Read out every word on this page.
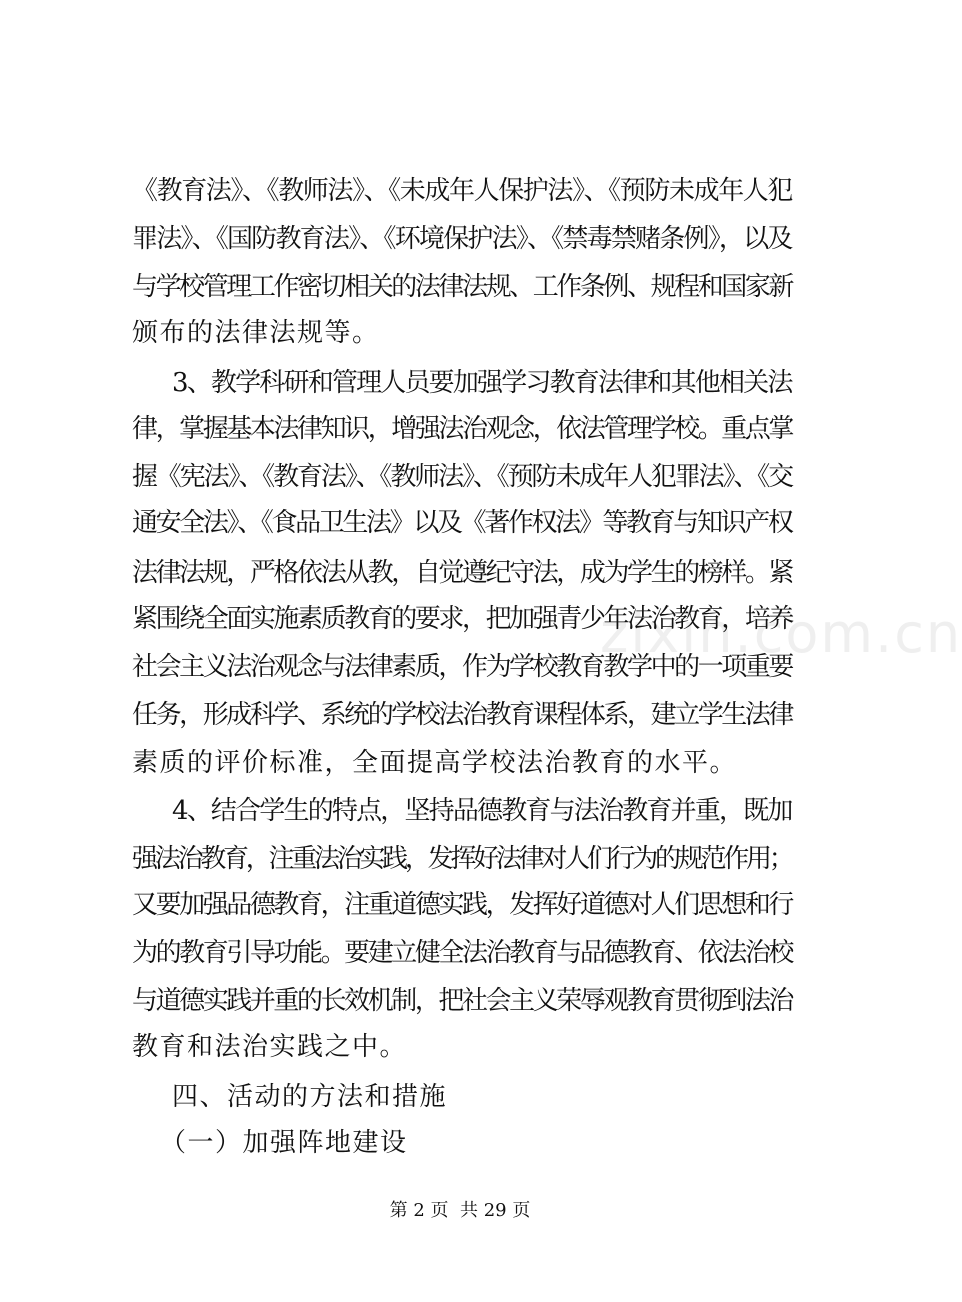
zixin.com.cn
《教育法》、《教师法》、《未成年人保护法》、《预防未成年人犯
罪法》、《国防教育法》、《环境保护法》、《禁毒禁赌条例》，以及
与学校管理工作密切相关的法律法规、工作条例、规程和国家新
颁布的法律法规等。
3、教学科研和管理人员要加强学习教育法律和其他相关法
律，掌握基本法律知识，增强法治观念，依法管理学校。重点掌
握《宪法》、《教育法》、《教师法》、《预防未成年人犯罪法》、《交
通安全法》、《食品卫生法》以及《著作权法》等教育与知识产权
法律法规，严格依法从教，自觉遵纪守法，成为学生的榜样。紧
紧围绕全面实施素质教育的要求，把加强青少年法治教育，培养
社会主义法治观念与法律素质，作为学校教育教学中的一项重要
任务，形成科学、系统的学校法治教育课程体系，建立学生法律
素质的评价标准，全面提高学校法治教育的水平。
4、结合学生的特点，坚持品德教育与法治教育并重，既加
强法治教育，注重法治实践，发挥好法律对人们行为的规范作用；
又要加强品德教育，注重道德实践，发挥好道德对人们思想和行
为的教育引导功能。要建立健全法治教育与品德教育、依法治校
与道德实践并重的长效机制，把社会主义荣辱观教育贯彻到法治
教育和法治实践之中。
四、活动的方法和措施
（一）加强阵地建设
第 2 页  共 29 页
